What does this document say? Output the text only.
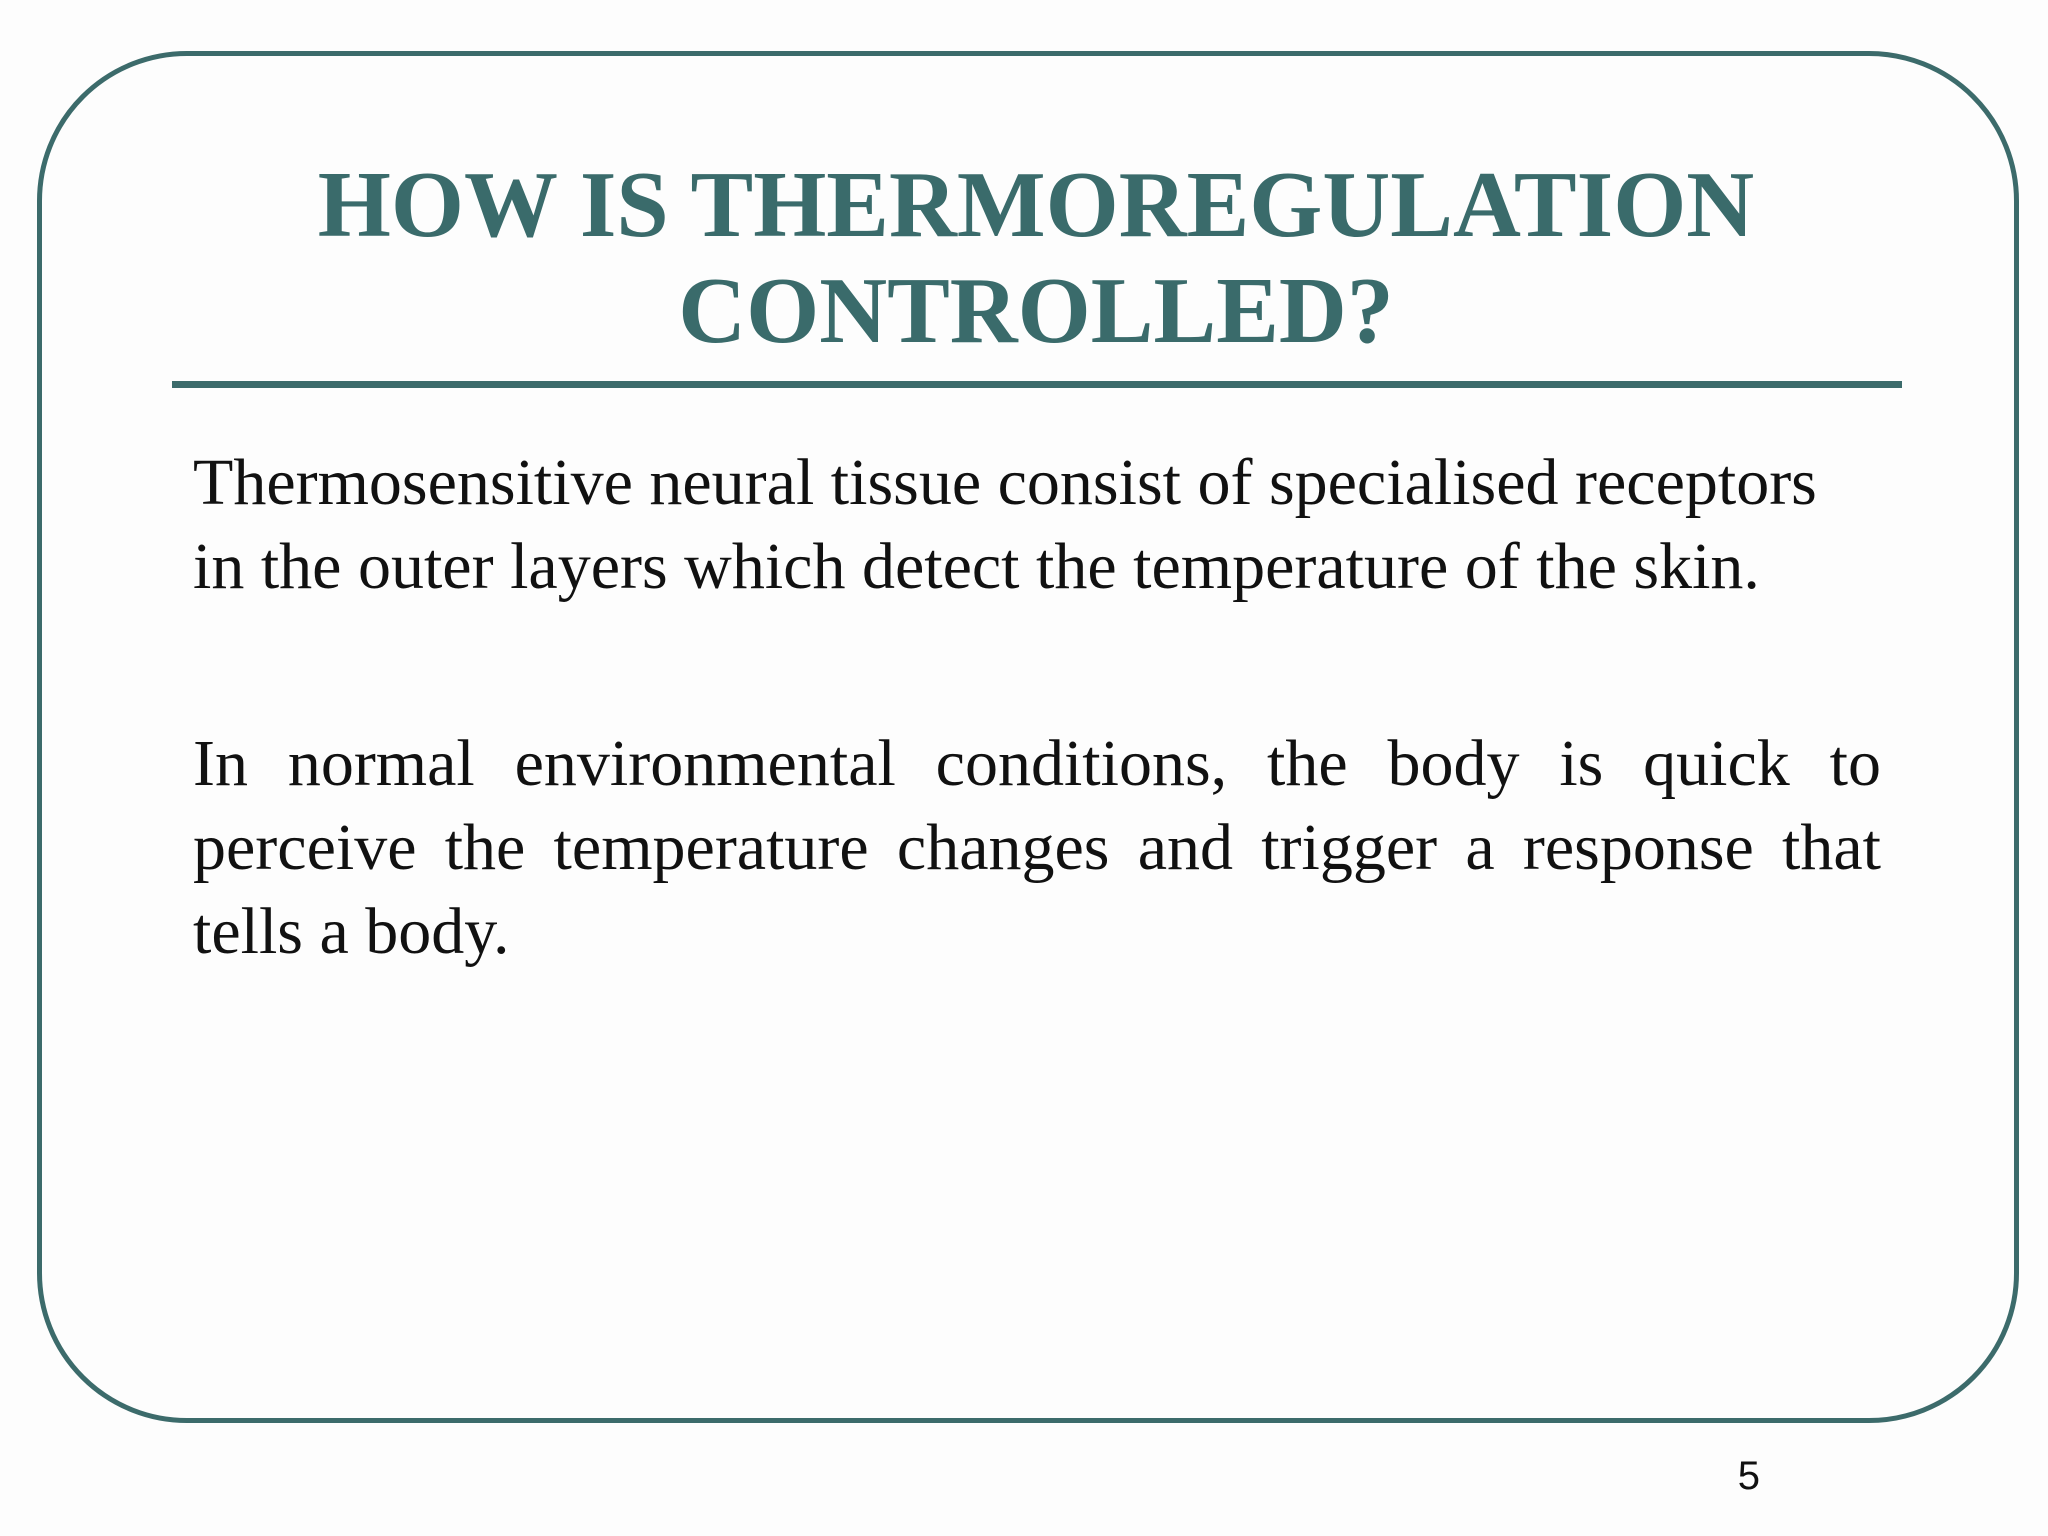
HOW IS THERMOREGULATION CONTROLLED?

Thermosensitive neural tissue consist of specialised receptors in the outer layers which detect the temperature of the skin.

In normal environmental conditions, the body is quick to perceive the temperature changes and trigger a response that tells a body.

5
